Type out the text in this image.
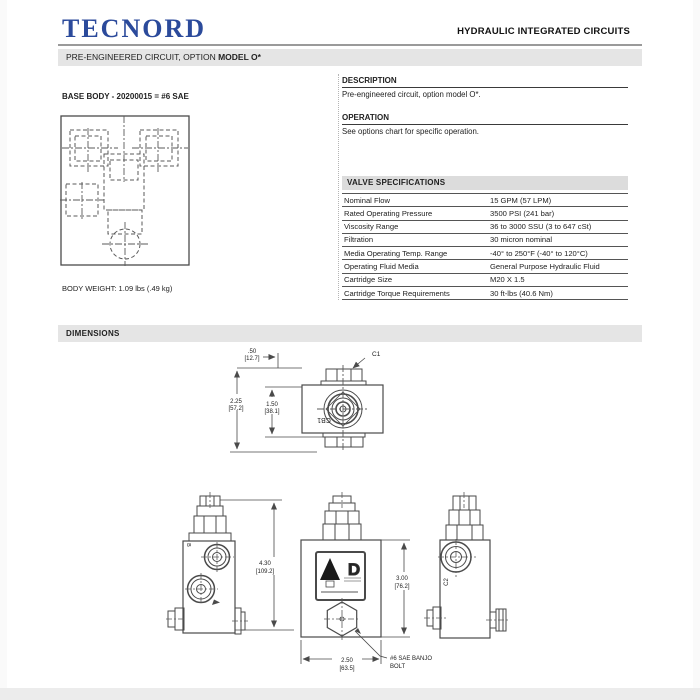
TECNORD	HYDRAULIC INTEGRATED CIRCUITS
PRE-ENGINEERED CIRCUIT, OPTION MODEL O*
BASE BODY - 20200015 = #6 SAE
BODY WEIGHT: 1.09 lbs (.49 kg)
DESCRIPTION
Pre-engineered circuit, option model O*.
OPERATION
See options chart for specific operation.
VALVE SPECIFICATIONS
Nominal Flow	15 GPM (57 LPM)
Rated Operating Pressure	3500 PSI (241 bar)
Viscosity Range	36 to 3000 SSU (3 to 647 cSt)
Filtration	30 micron nominal
Media Operating Temp. Range	-40° to 250°F (-40° to 120°C)
Operating Fluid Media	General Purpose Hydraulic Fluid
Cartridge Size	M20 X 1.5
Cartridge Torque Requirements	30 ft-lbs (40.6 Nm)
DIMENSIONS
.50
[12.7]
2.25
[57.2]
1.50
[38.1]
C1
CB1
B
4.30
[109.2]	D	3.00
[76.2]
2.50
[63.5]
#6 SAE BANJO
BOLT
C2
